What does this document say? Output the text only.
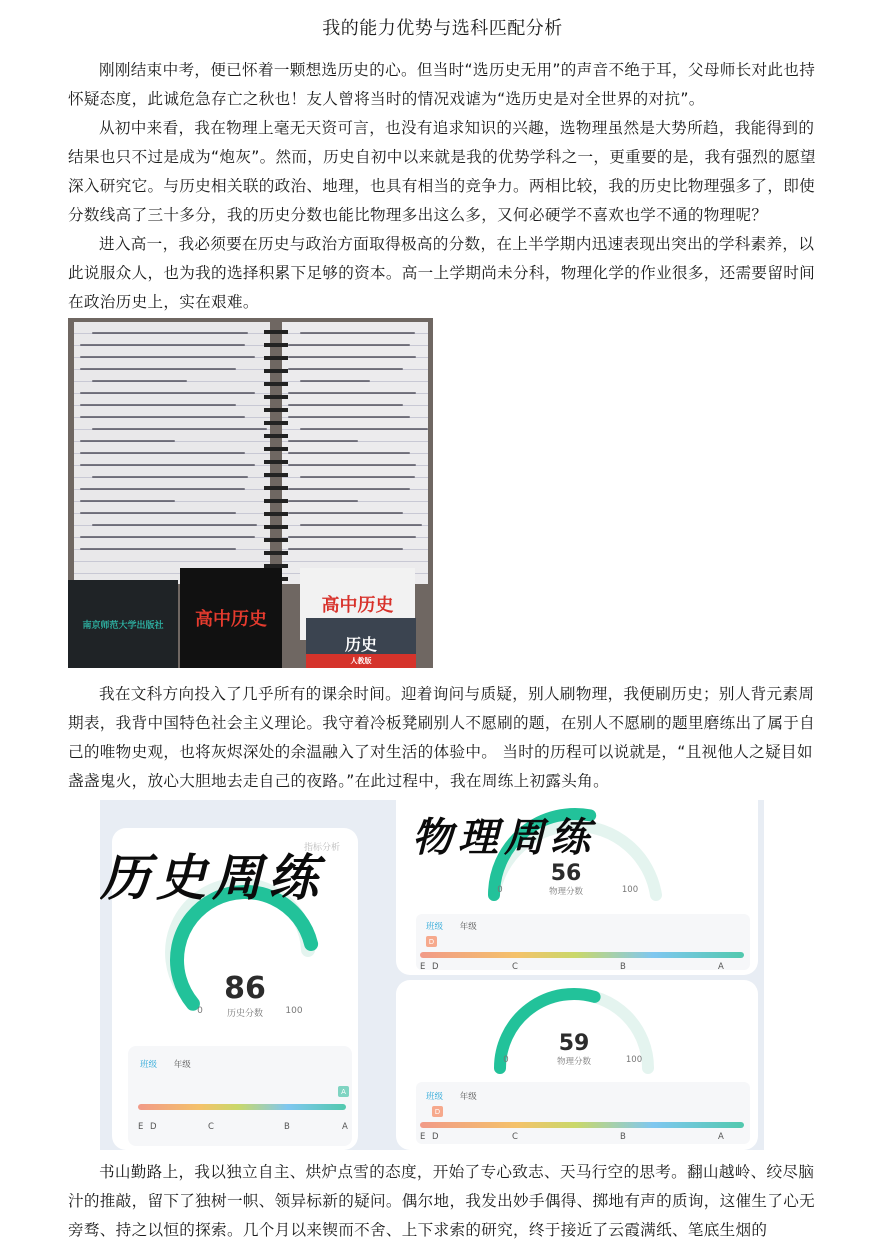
我的能力优势与选科匹配分析

刚刚结束中考，便已怀着一颗想选历史的心。但当时“选历史无用”的声音不绝于耳，父母师长对此也持怀疑态度，此诚危急存亡之秋也！友人曾将当时的情况戏谑为“选历史是对全世界的对抗”。

从初中来看，我在物理上毫无天资可言，也没有追求知识的兴趣，选物理虽然是大势所趋，我能得到的结果也只不过是成为“炮灰”。然而，历史自初中以来就是我的优势学科之一，更重要的是，我有强烈的愿望深入研究它。与历史相关联的政治、地理，也具有相当的竞争力。两相比较，我的历史比物理强多了，即使分数线高了三十多分，我的历史分数也能比物理多出这么多，又何必硬学不喜欢也学不通的物理呢？

进入高一，我必须要在历史与政治方面取得极高的分数，在上半学期内迅速表现出突出的学科素养，以此说服众人，也为我的选择积累下足够的资本。高一上学期尚未分科，物理化学的作业很多，还需要留时间在政治历史上，实在艰难。

南京师范大学出版社 高中历史
高中历史
历史
人教版

我在文科方向投入了几乎所有的课余时间。迎着询问与质疑，别人刷物理，我便刷历史；别人背元素周期表，我背中国特色社会主义理论。我守着冷板凳刷别人不愿刷的题，在别人不愿刷的题里磨练出了属于自己的唯物史观，也将灰烬深处的余温融入了对生活的体验中。 当时的历程可以说就是，“且视他人之疑目如盏盏鬼火，放心大胆地去走自己的夜路。”在此过程中，我在周练上初露头角。

指标分析
86
历史分数
0	100
班级 年级
A
E D	C	B	A
56
物理分数
0	100
班级 年级
D
E D	C	B	A
59
物理分数
0	100
班级 年级
D
E D	C	B	A
历史周练
物理周练

书山勤路上，我以独立自主、烘炉点雪的态度，开始了专心致志、天马行空的思考。翻山越岭、绞尽脑汁的推敲，留下了独树一帜、领异标新的疑问。偶尔地，我发出妙手偶得、掷地有声的质询，这催生了心无旁骛、持之以恒的探索。几个月以来锲而不舍、上下求索的研究，终于接近了云霞满纸、笔底生烟的
